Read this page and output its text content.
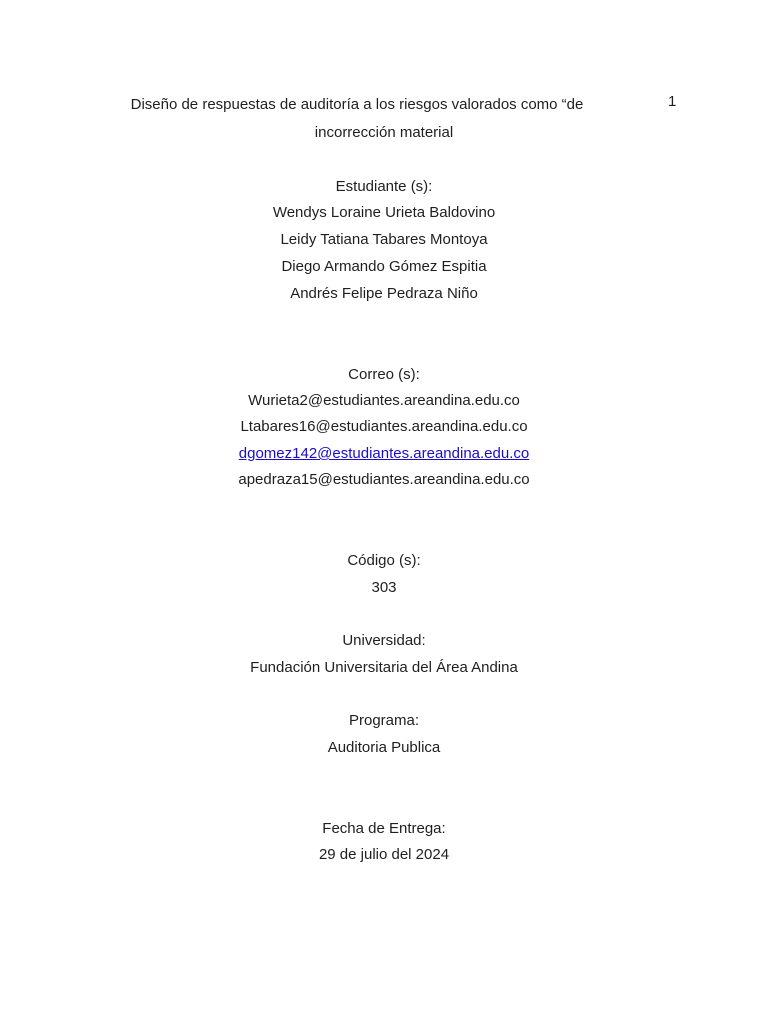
1
Diseño de respuestas de auditoría a los riesgos valorados como “de
incorrección material
Estudiante (s):
Wendys Loraine Urieta Baldovino
Leidy Tatiana Tabares Montoya
Diego Armando Gómez Espitia
Andrés Felipe Pedraza Niño
Correo (s):
Wurieta2@estudiantes.areandina.edu.co
Ltabares16@estudiantes.areandina.edu.co
dgomez142@estudiantes.areandina.edu.co
apedraza15@estudiantes.areandina.edu.co
Código (s):
303
Universidad:
Fundación Universitaria del Área Andina
Programa:
Auditoria Publica
Fecha de Entrega:
29 de julio del 2024
